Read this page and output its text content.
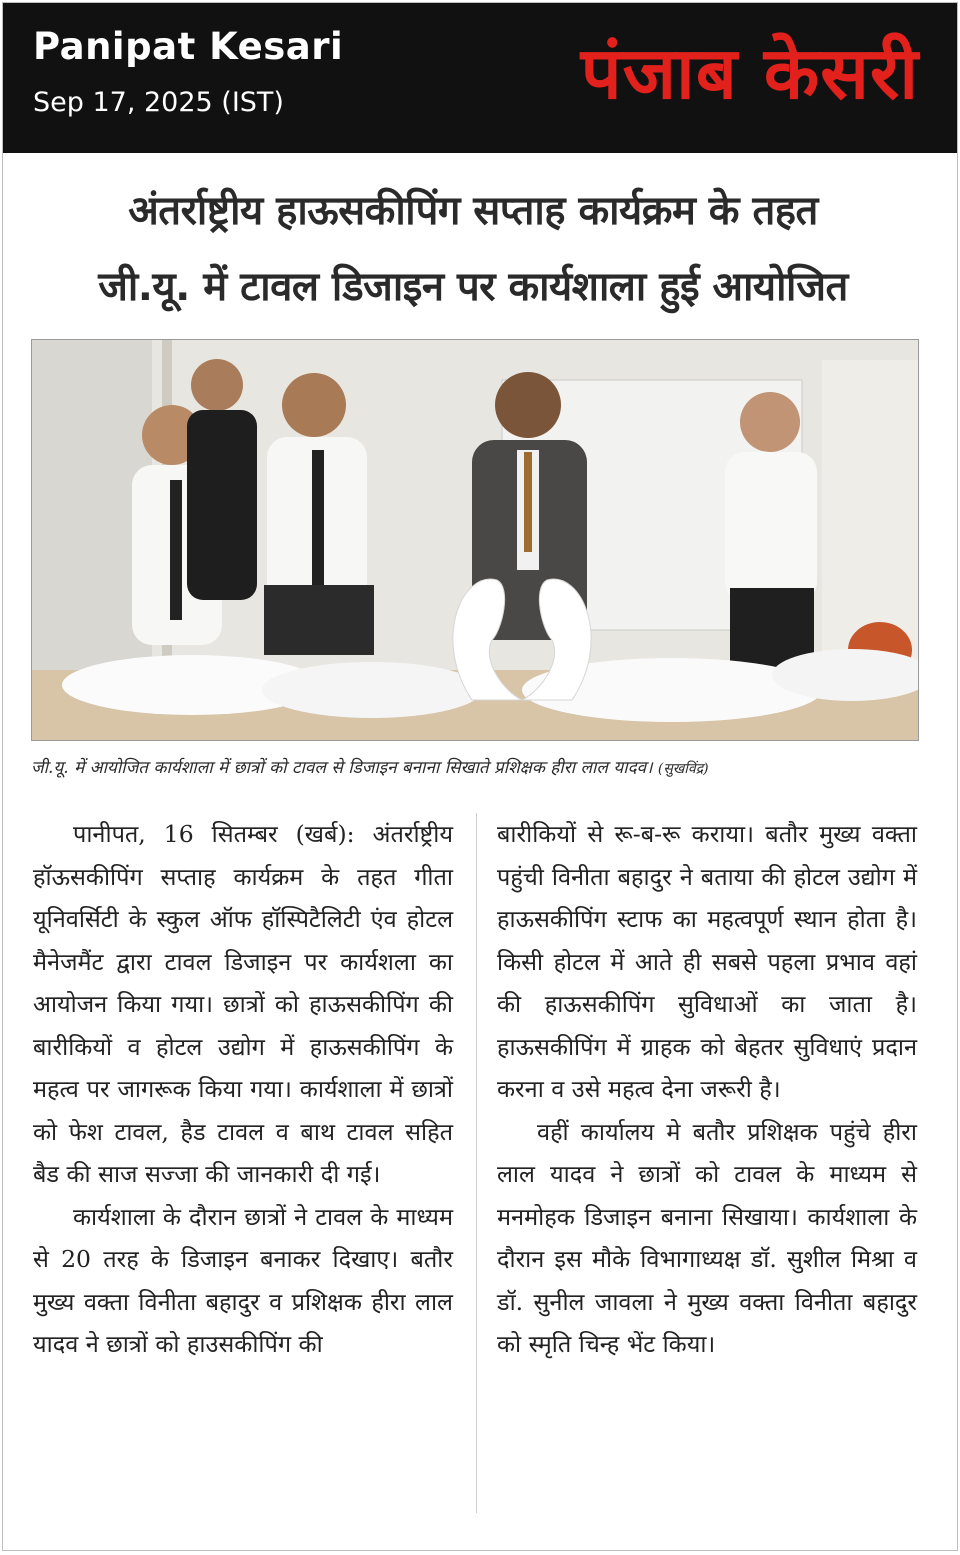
Panipat Kesari
Sep 17, 2025 (IST)	पंजाब केसरी
अंतर्राष्ट्रीय हाऊसकीपिंग सप्ताह कार्यक्रम के तहत
जी.यू. में टावल डिजाइन पर कार्यशाला हुई आयोजित
जी.यू. में आयोजित कार्यशाला में छात्रों को टावल से डिजाइन बनाना सिखाते प्रशिक्षक हीरा लाल यादव। (सुखविंद्र)

पानीपत, 16 सितम्बर (खर्ब): अंतर्राष्ट्रीय हॉऊसकीपिंग सप्ताह कार्यक्रम के तहत गीता यूनिवर्सिटी के स्कुल ऑफ हॉस्पिटैलिटी एंव होटल मैनेजमैंट द्वारा टावल डिजाइन पर कार्यशला का आयोजन किया गया। छात्रों को हाऊसकीपिंग की बारीकियों व होटल उद्योग में हाऊसकीपिंग के महत्व पर जागरूक किया गया। कार्यशाला में छात्रों को फेश टावल, हैड टावल व बाथ टावल सहित बैड की साज सज्जा की जानकारी दी गई।

कार्यशाला के दौरान छात्रों ने टावल के माध्यम से 20 तरह के डिजाइन बनाकर दिखाए। बतौर मुख्य वक्ता विनीता बहादुर व प्रशिक्षक हीरा लाल यादव ने छात्रों को हाउसकीपिंग की

बारीकियों से रू-ब-रू कराया। बतौर मुख्य वक्ता पहुंची विनीता बहादुर ने बताया की होटल उद्योग में हाऊसकीपिंग स्टाफ का महत्वपूर्ण स्थान होता है। किसी होटल में आते ही सबसे पहला प्रभाव वहां की हाऊसकीपिंग सुविधाओं का जाता है। हाऊसकीपिंग में ग्राहक को बेहतर सुविधाएं प्रदान करना व उसे महत्व देना जरूरी है।

वहीं कार्यालय मे बतौर प्रशिक्षक पहुंचे हीरा लाल यादव ने छात्रों को टावल के माध्यम से मनमोहक डिजाइन बनाना सिखाया। कार्यशाला के दौरान इस मौके विभागाध्यक्ष डॉ. सुशील मिश्रा व डॉ. सुनील जावला ने मुख्य वक्ता विनीता बहादुर को स्मृति चिन्ह भेंट किया।
